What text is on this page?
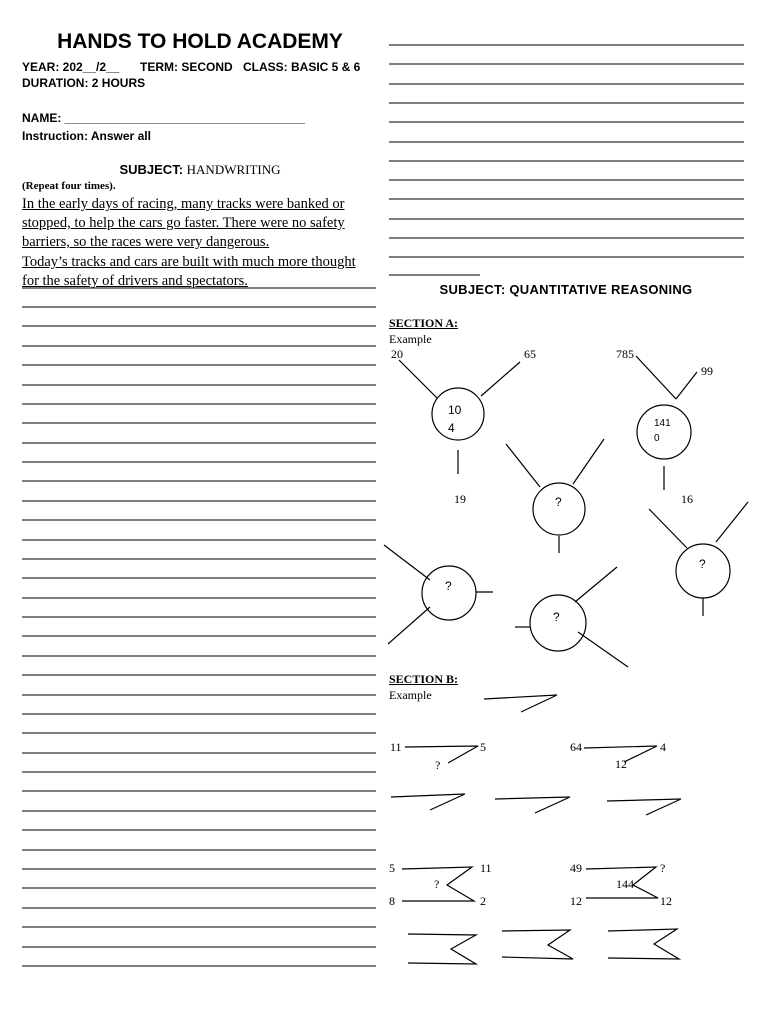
HANDS TO HOLD ACADEMY
YEAR: 202__/2__ TERM: SECOND CLASS: BASIC 5 & 6
DURATION: 2 HOURS
NAME: ____________________________________
Instruction: Answer all
SUBJECT: HANDWRITING
(Repeat four times).
In the early days of racing, many tracks were banked or
stopped, to help the cars go faster. There were no safety
barriers, so the races were very dangerous.
Today’s tracks and cars are built with much more thought
for the safety of drivers and spectators.
SUBJECT: QUANTITATIVE REASONING
SECTION A:
Example
20	65
10
4
19
785
99
141
0
16
?
?
?
?
SECTION B:
Example
11	5
?
64	4
12
5	11
8	2
?
49	?
12	12
144
